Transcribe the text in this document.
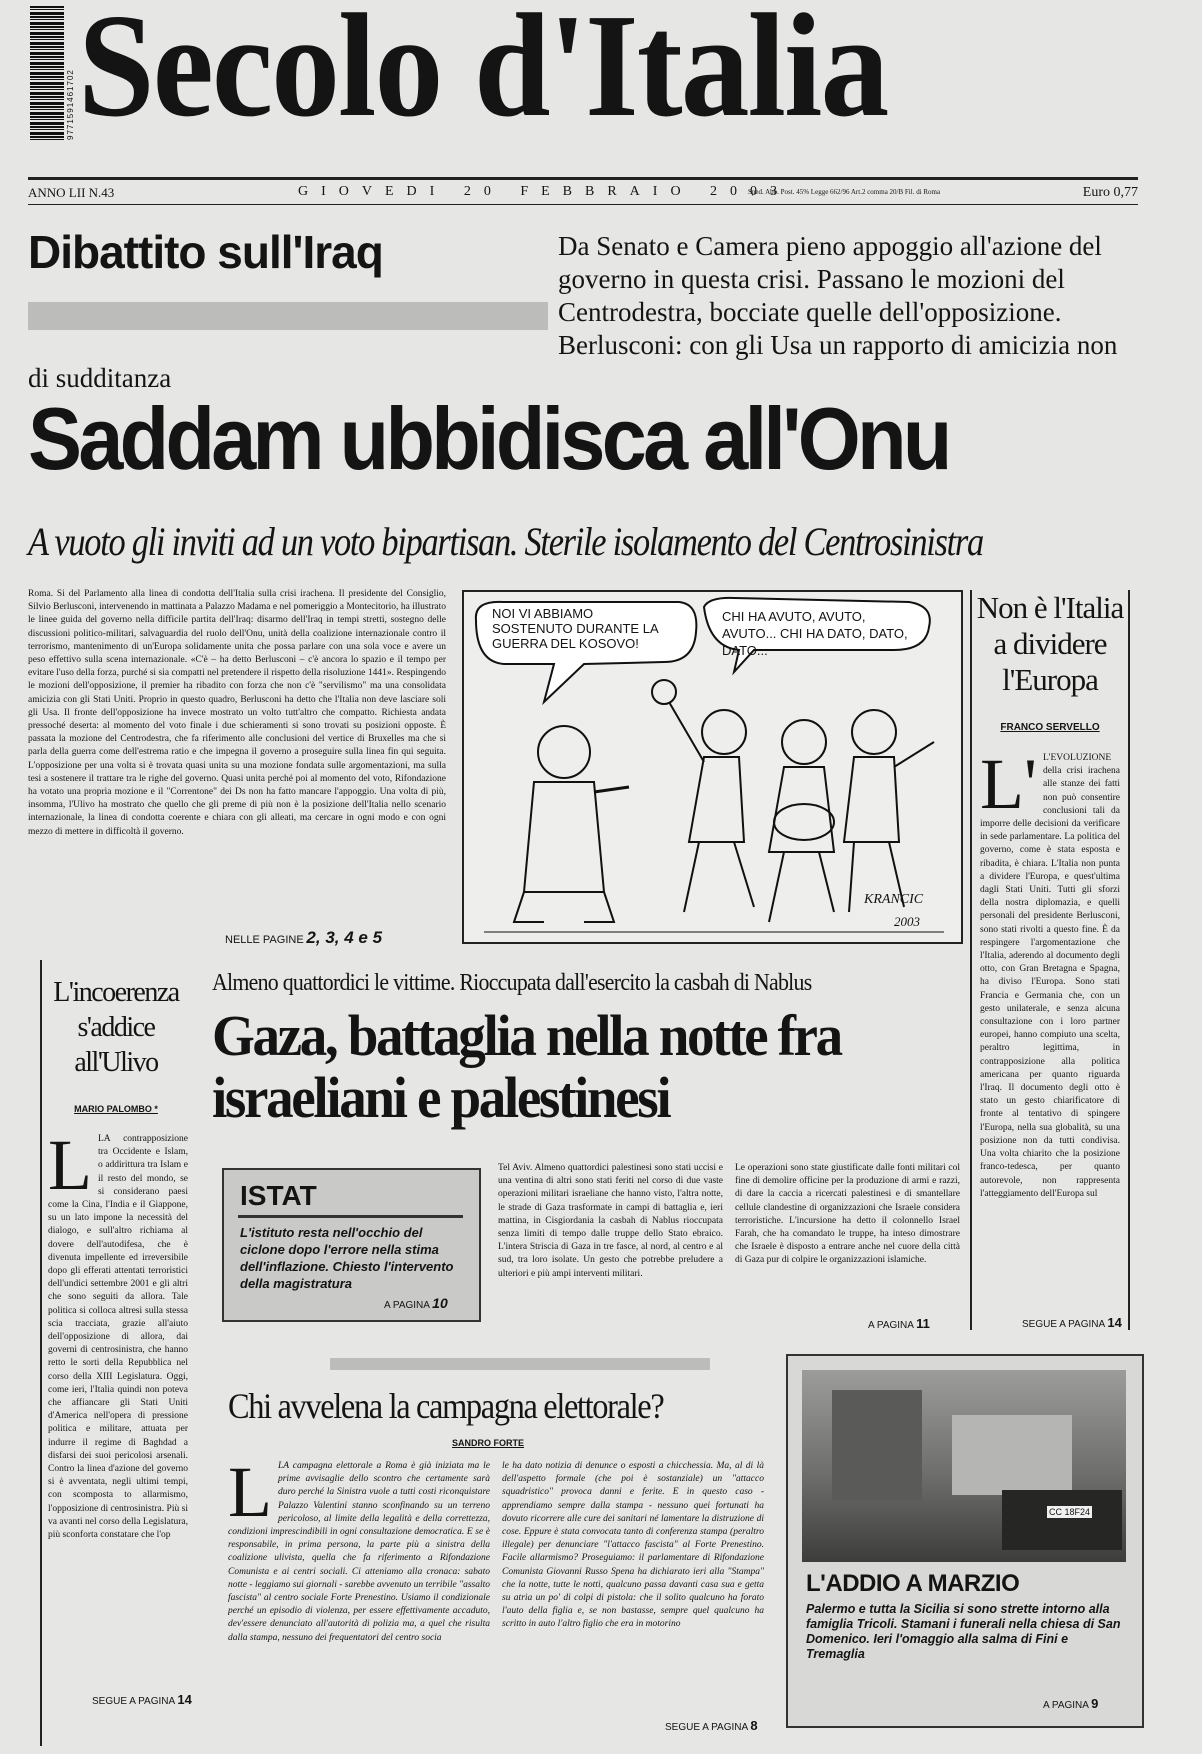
9771591461702 Secolo d'Italia
ANNO LII N.43	GIOVEDI 20 FEBBRAIO 2003
Sped. Abb. Post. 45% Legge 662/96 Art.2 comma 20/B Fil. di Roma	Euro 0,77
Dibattito sull'Iraq	Da Senato e Camera pieno appoggio all'azione del governo in questa crisi. Passano le mozioni del Centrodestra, bocciate quelle dell'opposizione. Berlusconi: con gli Usa un rapporto di amicizia non di sudditanza
Saddam ubbidisca all'Onu
A vuoto gli inviti ad un voto bipartisan. Sterile isolamento del Centrosinistra

Roma. Si del Parlamento alla linea di condotta dell'Italia sulla crisi irachena. Il presidente del Consiglio, Silvio Berlusconi, intervenendo in mattinata a Palazzo Madama e nel pomeriggio a Montecitorio, ha illustrato le linee guida del governo nella difficile partita dell'Iraq: disarmo dell'Iraq in tempi stretti, sostegno delle discussioni politico-militari, salvaguardia del ruolo dell'Onu, unità della coalizione internazionale contro il terrorismo, mantenimento di un'Europa solidamente unita che possa parlare con una sola voce e avere un peso effettivo sulla scena internazionale. «C'è – ha detto Berlusconi – c'è ancora lo spazio e il tempo per evitare l'uso della forza, purché si sia compatti nel pretendere il rispetto della risoluzione 1441». Respingendo le mozioni dell'opposizione, il premier ha ribadito con forza che non c'è "servilismo" ma una consolidata amicizia con gli Stati Uniti. Proprio in questo quadro, Berlusconi ha detto che l'Italia non deve lasciare soli gli Usa. Il fronte dell'opposizione ha invece mostrato un volto tutt'altro che compatto. Richiesta andata pressoché deserta: al momento del voto finale i due schieramenti si sono trovati su posizioni opposte. È passata la mozione del Centrodestra, che fa riferimento alle conclusioni del vertice di Bruxelles ma che si parla della guerra come dell'estrema ratio e che impegna il governo a proseguire sulla linea fin qui seguita. L'opposizione per una volta si è trovata quasi unita su una mozione fondata sulle argomentazioni, ma sulla tesi a sostenere il trattare tra le righe del governo. Quasi unita perché poi al momento del voto, Rifondazione ha votato una propria mozione e il "Correntone" dei Ds non ha fatto mancare l'appoggio. Una volta di più, insomma, l'Ulivo ha mostrato che quello che gli preme di più non è la posizione dell'Italia nello scenario internazionale, la linea di condotta coerente e chiara con gli alleati, ma cercare in ogni modo e con ogni mezzo di mettere in difficoltà il governo.

NELLE PAGINE 2, 3, 4 e 5
NOI VI ABBIAMO SOSTENUTO DURANTE LA GUERRA DEL KOSOVO!
CHI HA AVUTO, AVUTO, AVUTO... CHI HA DATO, DATO, DATO...
KRANCIC
2003
Non è l'Italia a dividere l'Europa
FRANCO SERVELLO
L' L'EVOLUZIONE della crisi irachena alle stanze dei fatti non può consentire conclusioni tali da imporre delle decisioni da verificare in sede parlamentare. La politica del governo, come è stata esposta e ribadita, è chiara. L'Italia non punta a dividere l'Europa, e quest'ultima dagli Stati Uniti. Tutti gli sforzi della nostra diplomazia, e quelli personali del presidente Berlusconi, sono stati rivolti a questo fine. È da respingere l'argomentazione che l'Italia, aderendo al documento degli otto, con Gran Bretagna e Spagna, ha diviso l'Europa. Sono stati Francia e Germania che, con un gesto unilaterale, e senza alcuna consultazione con i loro partner europei, hanno compiuto una scelta, peraltro legittima, in contrapposizione alla politica americana per quanto riguarda l'Iraq. Il documento degli otto è stato un gesto chiarificatore di fronte al tentativo di spingere l'Europa, nella sua globalità, su una posizione non da tutti condivisa. Una volta chiarito che la posizione franco-tedesca, per quanto autorevole, non rappresenta l'atteggiamento dell'Europa sul

SEGUE A PAGINA 14
L'incoerenza s'addice all'Ulivo
MARIO PALOMBO *
L LA contrapposizione tra Occidente e Islam, o addirittura tra Islam e il resto del mondo, se si considerano paesi come la Cina, l'India e il Giappone, su un lato impone la necessità del dialogo, e sull'altro richiama al dovere dell'autodifesa, che è divenuta impellente ed irreversibile dopo gli efferati attentati terroristici dell'undici settembre 2001 e gli altri che sono seguiti da allora. Tale politica si colloca altresì sulla stessa scia tracciata, grazie all'aiuto dell'opposizione di allora, dai governi di centrosinistra, che hanno retto le sorti della Repubblica nel corso della XIII Legislatura. Oggi, come ieri, l'Italia quindi non poteva che affiancare gli Stati Uniti d'America nell'opera di pressione politica e militare, attuata per indurre il regime di Baghdad a disfarsi dei suoi pericolosi arsenali. Contro la linea d'azione del governo si è avventata, negli ultimi tempi, con scomposta to allarmismo, l'opposizione di centrosinistra. Più si va avanti nel corso della Legislatura, più sconforta constatare che l'op

SEGUE A PAGINA 14
Almeno quattordici le vittime. Rioccupata dall'esercito la casbah di Nablus
Gaza, battaglia nella notte fra israeliani e palestinesi

Tel Aviv. Almeno quattordici palestinesi sono stati uccisi e una ventina di altri sono stati feriti nel corso di due vaste operazioni militari israeliane che hanno visto, l'altra notte, le strade di Gaza trasformate in campi di battaglia e, ieri mattina, in Cisgiordania la casbah di Nablus rioccupata senza limiti di tempo dalle truppe dello Stato ebraico. L'intera Striscia di Gaza in tre fasce, al nord, al centro e al sud, tra loro isolate. Un gesto che potrebbe preludere a ulteriori e più ampi interventi militari.

Le operazioni sono state giustificate dalle fonti militari col fine di demolire officine per la produzione di armi e razzi, di dare la caccia a ricercati palestinesi e di smantellare cellule clandestine di organizzazioni che Israele considera terroristiche. L'incursione ha detto il colonnello Israel Farah, che ha comandato le truppe, ha inteso dimostrare che Israele è disposto a entrare anche nel cuore della città di Gaza pur di colpire le organizzazioni islamiche.

A PAGINA 11
ISTAT
L'istituto resta nell'occhio del ciclone dopo l'errore nella stima dell'inflazione. Chiesto l'intervento della magistratura
A PAGINA 10
Chi avvelena la campagna elettorale?
SANDRO FORTE
L LA campagna elettorale a Roma è già iniziata ma le prime avvisaglie dello scontro che certamente sarà duro perché la Sinistra vuole a tutti costi riconquistare Palazzo Valentini stanno sconfinando su un terreno pericoloso, al limite della legalità e della correttezza, condizioni imprescindibili in ogni consultazione democratica. E se è responsabile, in prima persona, la parte più a sinistra della coalizione ulivista, quella che fa riferimento a Rifondazione Comunista e ai centri sociali. Ci atteniamo alla cronaca: sabato notte - leggiamo sui giornali - sarebbe avvenuto un terribile "assalto fascista" al centro sociale Forte Prenestino. Usiamo il condizionale perché un episodio di violenza, per essere effettivamente accaduto, dev'essere denunciato all'autorità di polizia ma, a quel che risulta dalla stampa, nessuno dei frequentatori del centro socia

le ha dato notizia di denunce o esposti a chicchessia. Ma, al di là dell'aspetto formale (che poi è sostanziale) un "attacco squadristico" provoca danni e ferite. E in questo caso - apprendiamo sempre dalla stampa - nessuno quei fortunati ha dovuto ricorrere alle cure dei sanitari né lamentare la distruzione di cose. Eppure è stata convocata tanto di conferenza stampa (peraltro illegale) per denunciare "l'attacco fascista" al Forte Prenestino. Facile allarmismo? Proseguiamo: il parlamentare di Rifondazione Comunista Giovanni Russo Spena ha dichiarato ieri alla "Stampa" che la notte, tutte le notti, qualcuno passa davanti casa sua e getta su atria un po' di colpi di pistola: che il solito qualcuno ha forato l'auto della figlia e, se non bastasse, sempre quel qualcuno ha scritto in auto l'altro figlio che era in motorino

SEGUE A PAGINA 8
CC 18F24
L'ADDIO A MARZIO
Palermo e tutta la Sicilia si sono strette intorno alla famiglia Tricoli. Stamani i funerali nella chiesa di San Domenico. Ieri l'omaggio alla salma di Fini e Tremaglia
A PAGINA 9
